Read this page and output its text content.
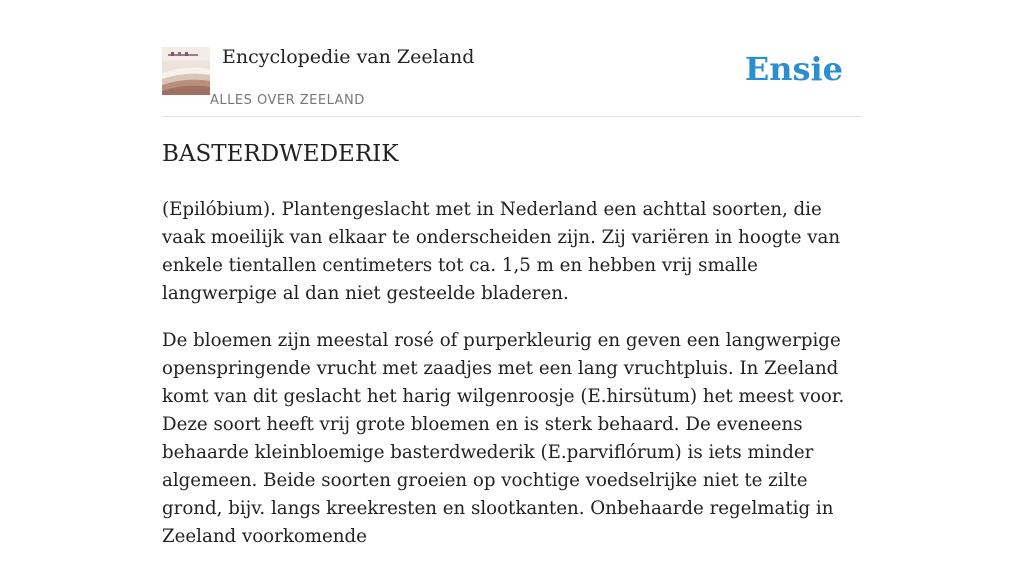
Encyclopedie van Zeeland
ALLES OVER ZEELAND
Ensie
BASTERDWEDERIK

(Epilóbium). Plantengeslacht met in Nederland een achttal soorten, die vaak moeilijk van elkaar te onderscheiden zijn. Zij variëren in hoogte van enkele tientallen centimeters tot ca. 1,5 m en hebben vrij smalle langwerpige al dan niet gesteelde bladeren.

De bloemen zijn meestal rosé of purperkleurig en geven een langwerpige openspringende vrucht met zaadjes met een lang vruchtpluis. In Zeeland komt van dit geslacht het harig wilgenroosje (E.hirsütum) het meest voor. Deze soort heeft vrij grote bloemen en is sterk behaard. De eveneens behaarde kleinbloemige basterdwederik (E.parviflórum) is iets minder algemeen. Beide soorten groeien op vochtige voedselrijke niet te zilte grond, bijv. langs kreekresten en slootkanten. Onbehaarde regelmatig in Zeeland voorkomende
